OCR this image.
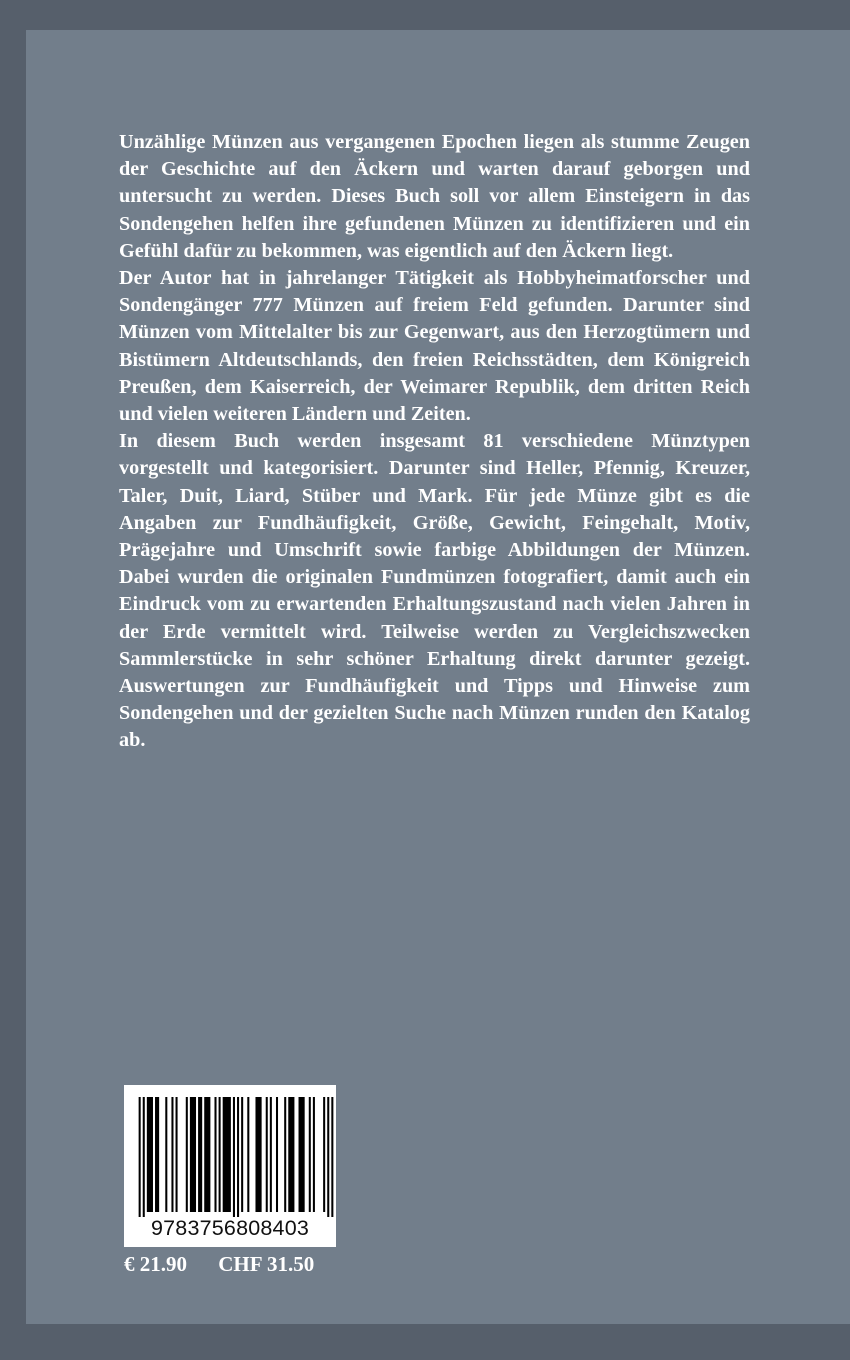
Unzählige Münzen aus vergangenen Epochen liegen als stumme Zeugen der Geschichte auf den Äckern und warten darauf geborgen und untersucht zu werden. Dieses Buch soll vor allem Einsteigern in das Sondengehen helfen ihre gefundenen Münzen zu identifizieren und ein Gefühl dafür zu bekommen, was eigentlich auf den Äckern liegt.

Der Autor hat in jahrelanger Tätigkeit als Hobbyheimatforscher und Sondengänger 777 Münzen auf freiem Feld gefunden. Darunter sind Münzen vom Mittelalter bis zur Gegenwart, aus den Herzogtümern und Bistümern Altdeutschlands, den freien Reichsstädten, dem Königreich Preußen, dem Kaiserreich, der Weimarer Republik, dem dritten Reich und vielen weiteren Ländern und Zeiten.

In diesem Buch werden insgesamt 81 verschiedene Münztypen vorgestellt und kategorisiert. Darunter sind Heller, Pfennig, Kreuzer, Taler, Duit, Liard, Stüber und Mark. Für jede Münze gibt es die Angaben zur Fundhäufigkeit, Größe, Gewicht, Feingehalt, Motiv, Prägejahre und Umschrift sowie farbige Abbildungen der Münzen. Dabei wurden die originalen Fundmünzen fotografiert, damit auch ein Eindruck vom zu erwartenden Erhaltungszustand nach vielen Jahren in der Erde vermittelt wird. Teilweise werden zu Vergleichszwecken Sammlerstücke in sehr schöner Erhaltung direkt darunter gezeigt. Auswertungen zur Fundhäufigkeit und Tipps und Hinweise zum Sondengehen und der gezielten Suche nach Münzen runden den Katalog ab.

9783756808403
€ 21.90 CHF 31.50
